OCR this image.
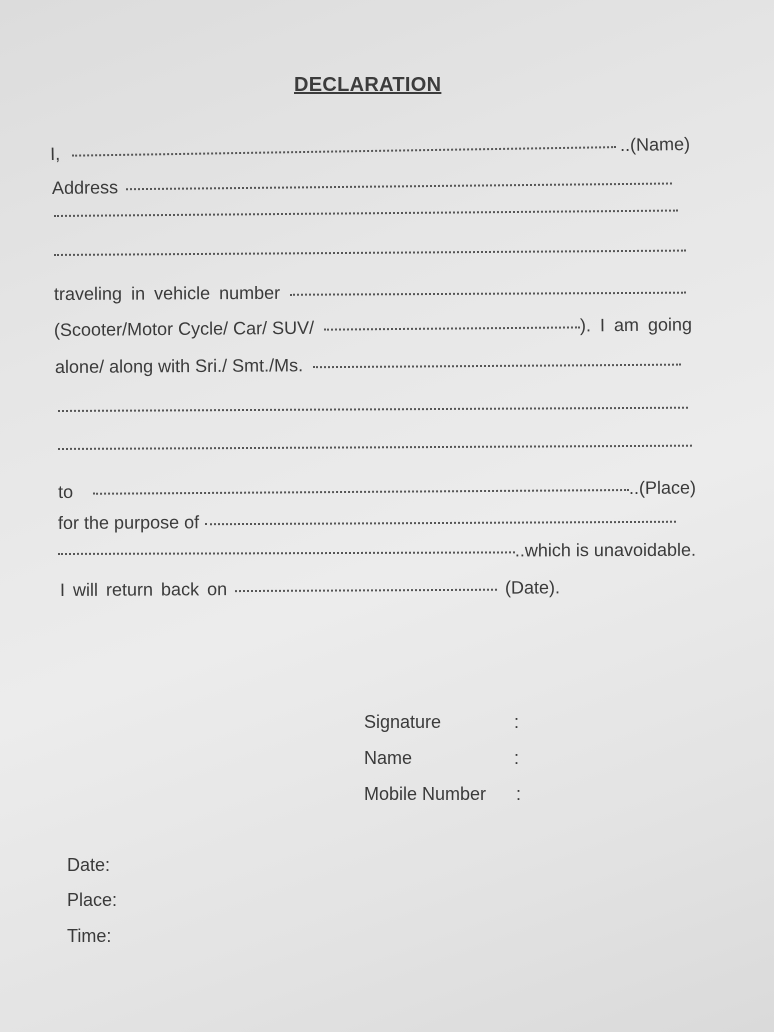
DECLARATION
I,	..(Name)
Address
traveling in vehicle number
(Scooter/Motor Cycle/ Car/ SUV/	). I am going
alone/ along with Sri./ Smt./Ms.
to	..(Place)
for the purpose of
..which is unavoidable.
I will return back on	(Date).
Signature	:
Name	:
Mobile Number :
Date:
Place:
Time:
